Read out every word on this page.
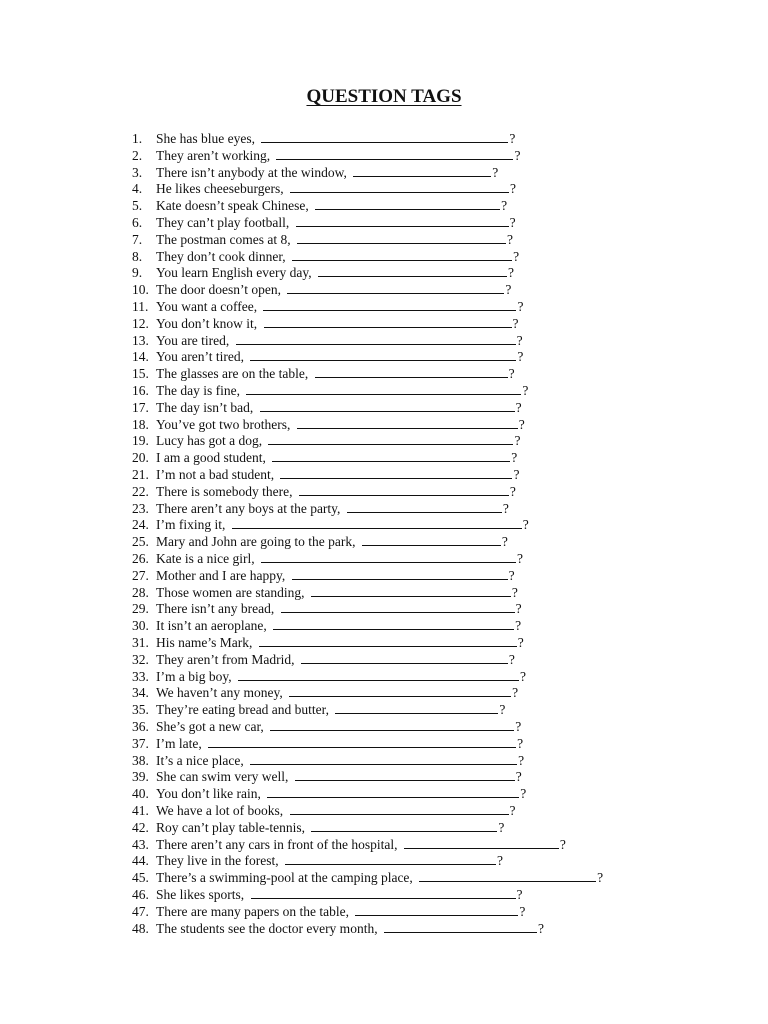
QUESTION TAGS
1.	She has blue eyes,	?
2.	They aren’t working,	?
3.	There isn’t anybody at the window,	?
4.	He likes cheeseburgers,	?
5.	Kate doesn’t speak Chinese,	?
6.	They can’t play football,	?
7.	The postman comes at 8,	?
8.	They don’t cook dinner,	?
9.	You learn English every day,	?
10. The door doesn’t open,	?
11. You want a coffee,	?
12. You don’t know it,	?
13. You are tired,	?
14. You aren’t tired,	?
15. The glasses are on the table,	?
16. The day is fine,	?
17. The day isn’t bad,	?
18. You’ve got two brothers,	?
19. Lucy has got a dog,	?
20. I am a good student,	?
21. I’m not a bad student,	?
22. There is somebody there,	?
23. There aren’t any boys at the party,	?
24. I’m fixing it,	?
25. Mary and John are going to the park,	?
26. Kate is a nice girl,	?
27. Mother and I are happy,	?
28. Those women are standing,	?
29. There isn’t any bread,	?
30. It isn’t an aeroplane,	?
31. His name’s Mark,	?
32. They aren’t from Madrid,	?
33. I’m a big boy,	?
34. We haven’t any money,	?
35. They’re eating bread and butter,	?
36. She’s got a new car,	?
37. I’m late,	?
38. It’s a nice place,	?
39. She can swim very well,	?
40. You don’t like rain,	?
41. We have a lot of books,	?
42. Roy can’t play table-tennis,	?
43. There aren’t any cars in front of the hospital,	?
44. They live in the forest,	?
45. There’s a swimming-pool at the camping place,	?
46. She likes sports,	?
47. There are many papers on the table,	?
48. The students see the doctor every month,	?
